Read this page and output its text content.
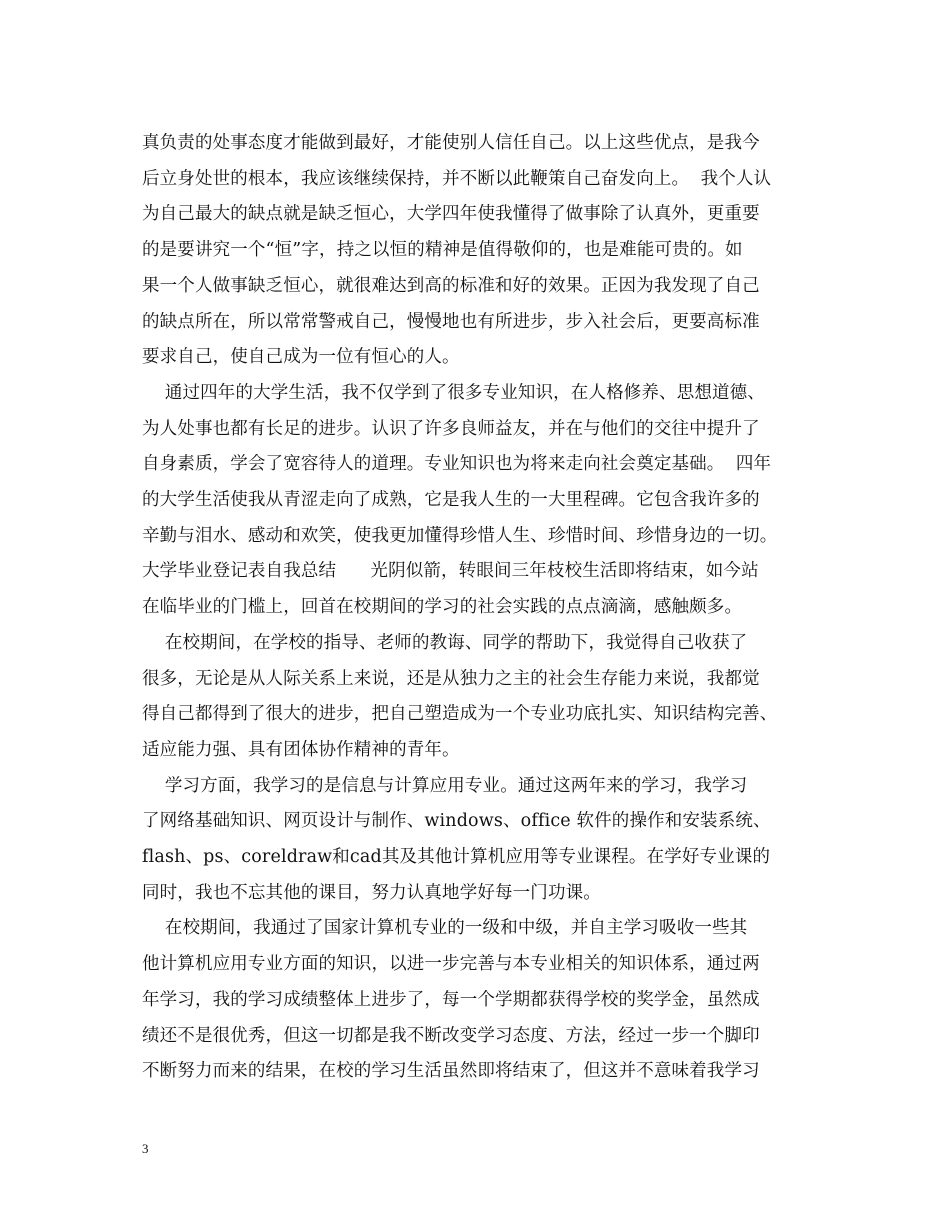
真负责的处事态度才能做到最好，才能使别人信任自己。以上这些优点，是我今
后立身处世的根本，我应该继续保持，并不断以此鞭策自己奋发向上。  我个人认
为自己最大的缺点就是缺乏恒心，大学四年使我懂得了做事除了认真外，更重要
的是要讲究一个“恒”字，持之以恒的精神是值得敬仰的，也是难能可贵的。如
果一个人做事缺乏恒心，就很难达到高的标准和好的效果。正因为我发现了自己
的缺点所在，所以常常警戒自己，慢慢地也有所进步，步入社会后，更要高标准
要求自己，使自己成为一位有恒心的人。
通过四年的大学生活，我不仅学到了很多专业知识，在人格修养、思想道德、
为人处事也都有长足的进步。认识了许多良师益友，并在与他们的交往中提升了
自身素质，学会了宽容待人的道理。专业知识也为将来走向社会奠定基础。  四年
的大学生活使我从青涩走向了成熟，它是我人生的一大里程碑。它包含我许多的
辛勤与泪水、感动和欢笑，使我更加懂得珍惜人生、珍惜时间、珍惜身边的一切。
大学毕业登记表自我总结      光阴似箭，转眼间三年枝校生活即将结束，如今站
在临毕业的门槛上，回首在校期间的学习的社会实践的点点滴滴，感触颇多。
在校期间，在学校的指导、老师的教诲、同学的帮助下，我觉得自己收获了
很多，无论是从人际关系上来说，还是从独力之主的社会生存能力来说，我都觉
得自己都得到了很大的进步，把自己塑造成为一个专业功底扎实、知识结构完善、
适应能力强、具有团体协作精神的青年。
学习方面，我学习的是信息与计算应用专业。通过这两年来的学习，我学习
了网络基础知识、网页设计与制作、windows、office 软件的操作和安装系统、
flash、ps、coreldraw和cad其及其他计算机应用等专业课程。在学好专业课的
同时，我也不忘其他的课目，努力认真地学好每一门功课。
在校期间，我通过了国家计算机专业的一级和中级，并自主学习吸收一些其
他计算机应用专业方面的知识，以进一步完善与本专业相关的知识体系，通过两
年学习，我的学习成绩整体上进步了，每一个学期都获得学校的奖学金，虽然成
绩还不是很优秀，但这一切都是我不断改变学习态度、方法，经过一步一个脚印
不断努力而来的结果，在校的学习生活虽然即将结束了，但这并不意味着我学习
3
